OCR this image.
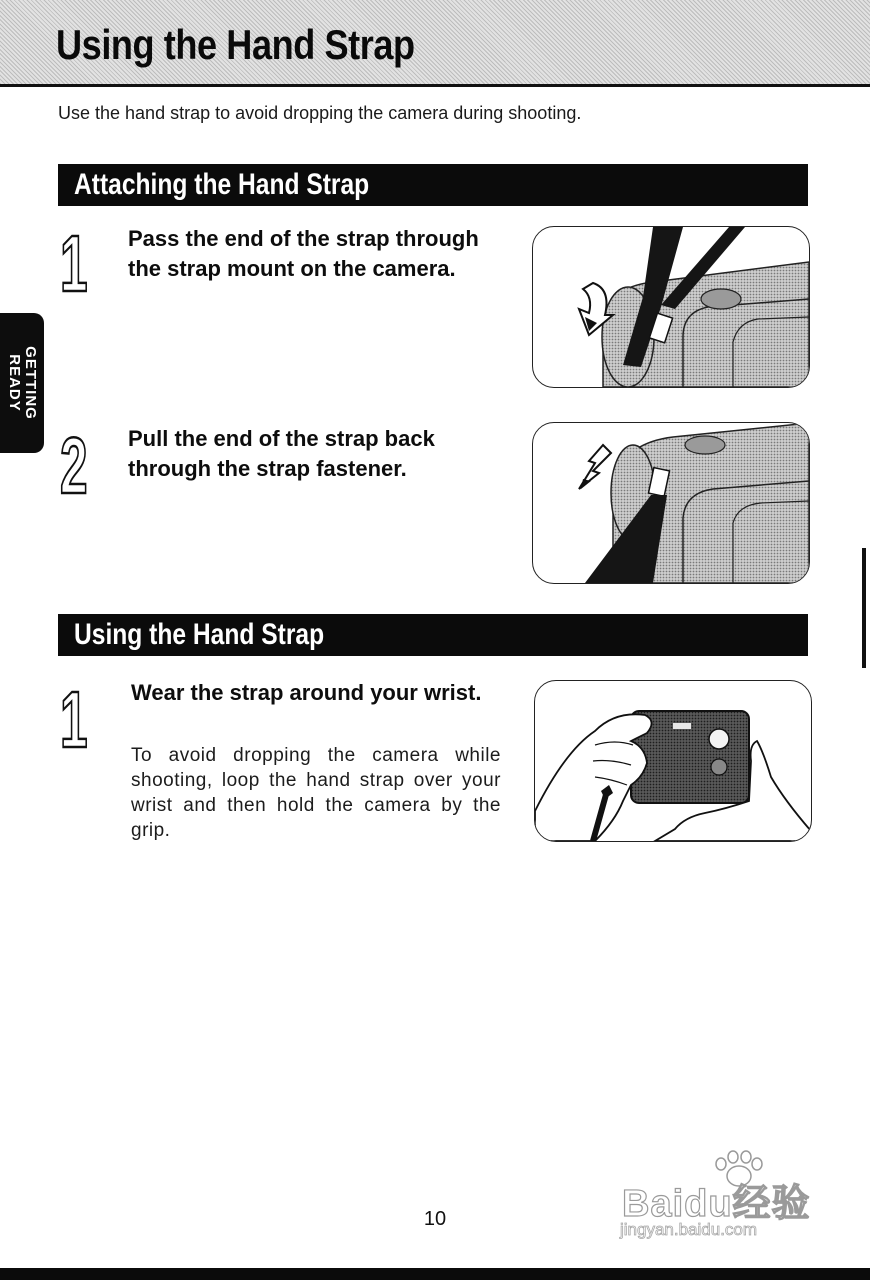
Using the Hand Strap
Use the hand strap to avoid dropping the camera during shooting.
GETTING READY
Attaching the Hand Strap
1 Pass the end of the strap through the strap mount on the camera.
2 Pull the end of the strap back through the strap fastener.
Using the Hand Strap
1 Wear the strap around your wrist.
To avoid dropping the camera while shooting, loop the hand strap over your wrist and then hold the camera by the grip.
Baidu经验
jingyan.baidu.com
10
